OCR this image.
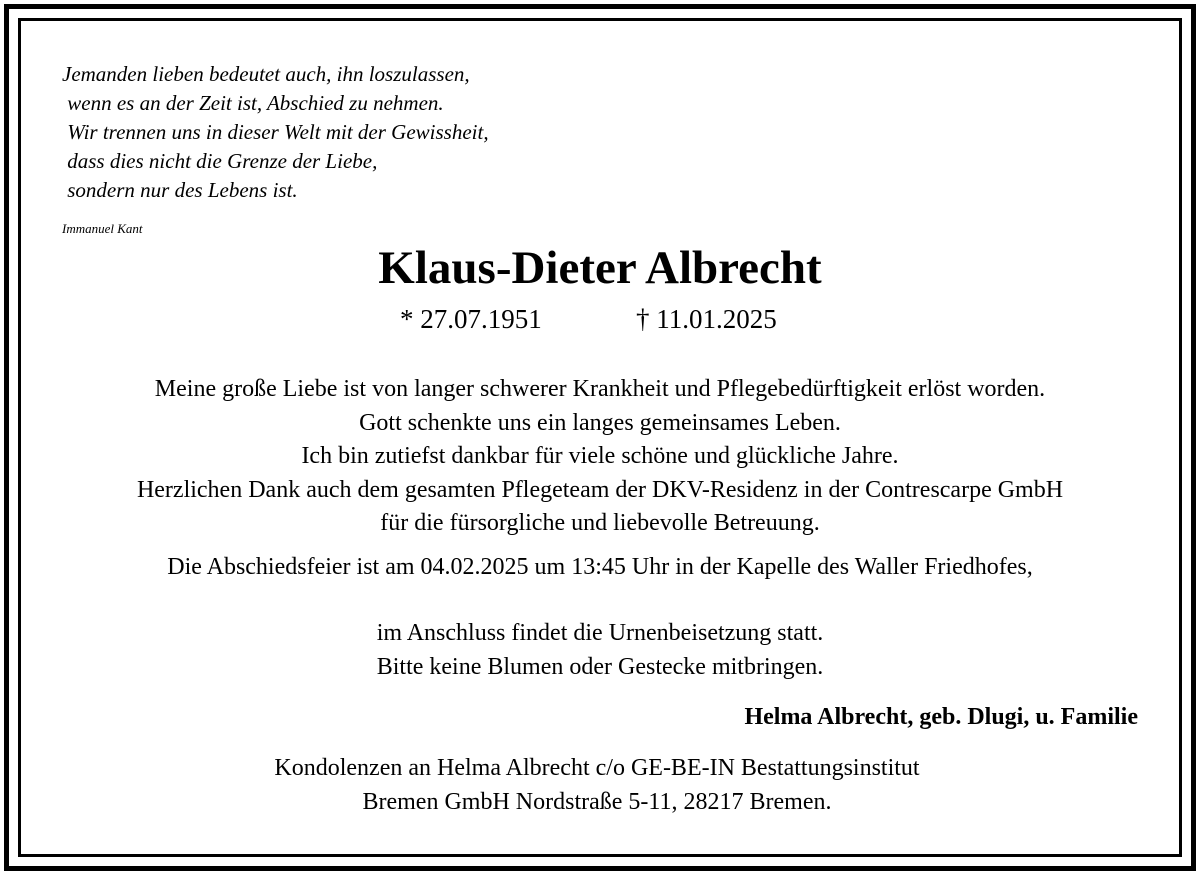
Jemanden lieben bedeutet auch, ihn loszulassen,
wenn es an der Zeit ist, Abschied zu nehmen.
Wir trennen uns in dieser Welt mit der Gewissheit,
dass dies nicht die Grenze der Liebe,
sondern nur des Lebens ist.
Immanuel Kant
Klaus-Dieter Albrecht
* 27.07.1951	† 11.01.2025
Meine große Liebe ist von langer schwerer Krankheit und Pflegebedürftigkeit erlöst worden.
Gott schenkte uns ein langes gemeinsames Leben.
Ich bin zutiefst dankbar für viele schöne und glückliche Jahre.
Herzlichen Dank auch dem gesamten Pflegeteam der DKV-Residenz in der Contrescarpe GmbH
für die fürsorgliche und liebevolle Betreuung.
Die Abschiedsfeier ist am 04.02.2025 um 13:45 Uhr in der Kapelle des Waller Friedhofes,
im Anschluss findet die Urnenbeisetzung statt.
Bitte keine Blumen oder Gestecke mitbringen.
Helma Albrecht, geb. Dlugi, u. Familie
Kondolenzen an Helma Albrecht c/o GE-BE-IN Bestattungsinstitut
Bremen GmbH Nordstraße 5-11, 28217 Bremen.
